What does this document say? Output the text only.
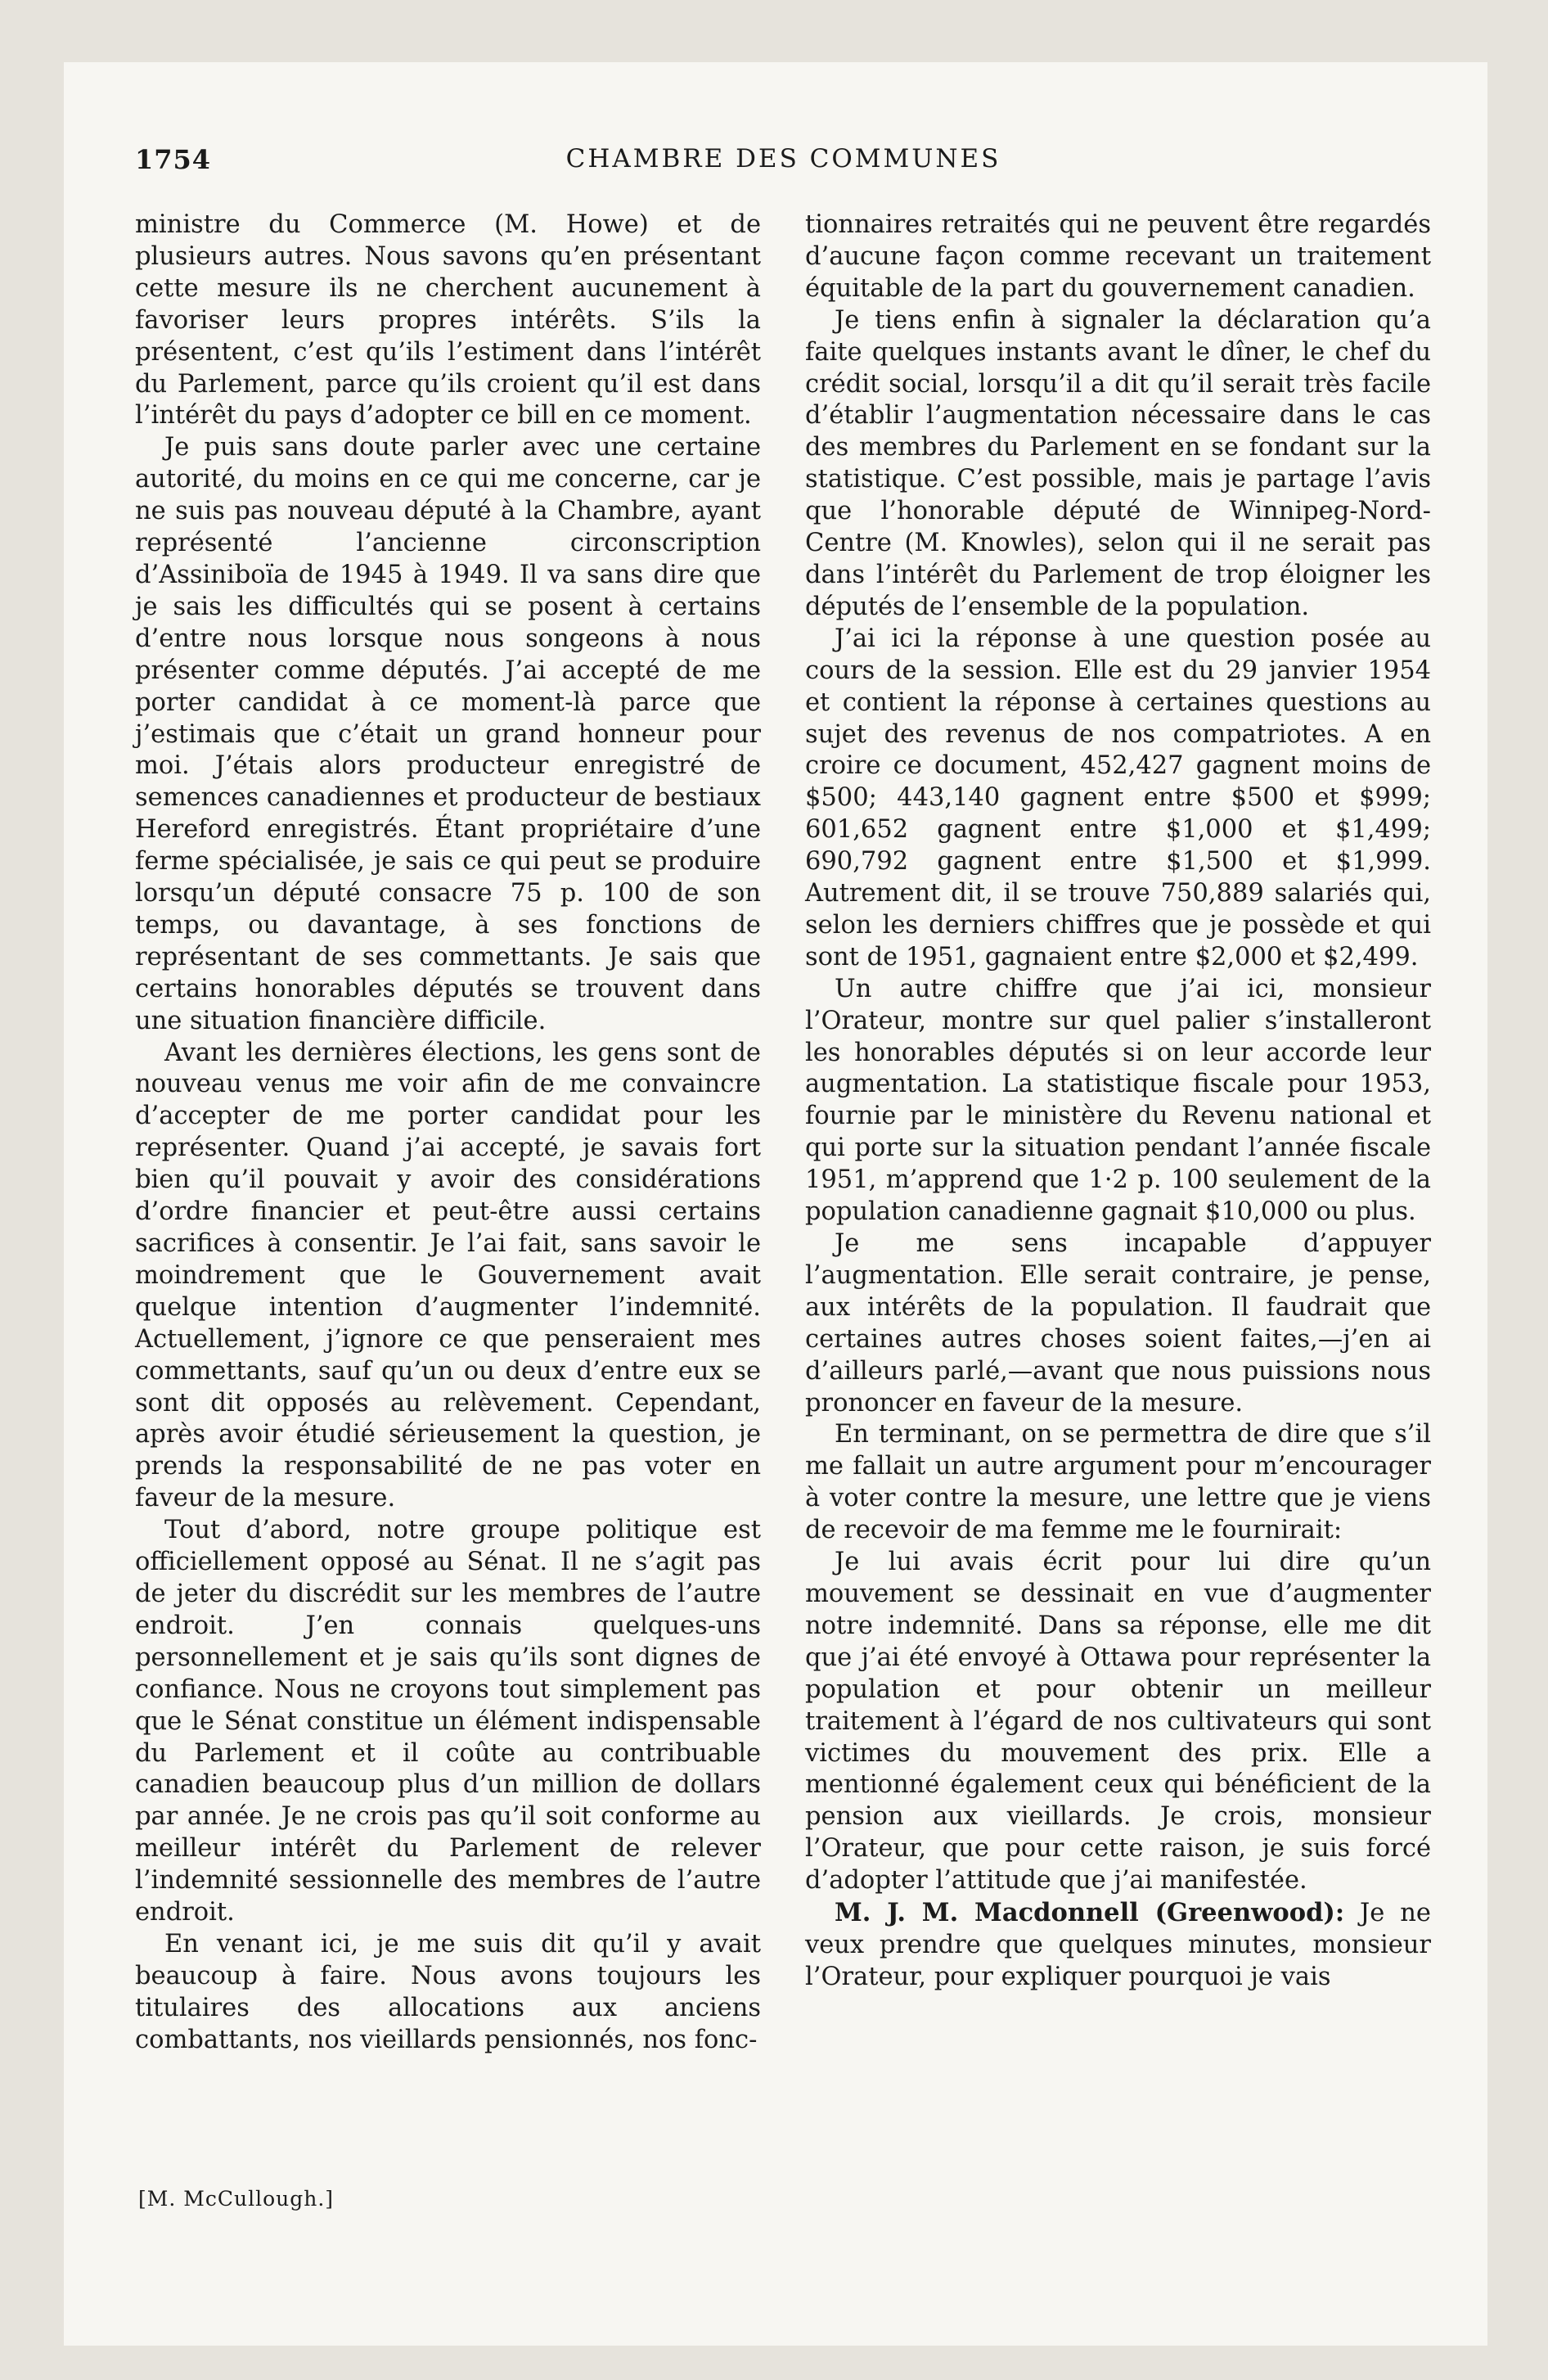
1754	CHAMBRE DES COMMUNES

ministre du Commerce (M. Howe) et de plusieurs autres. Nous savons qu’en présentant cette mesure ils ne cherchent aucunement à favoriser leurs propres intérêts. S’ils la présentent, c’est qu’ils l’estiment dans l’intérêt du Parlement, parce qu’ils croient qu’il est dans l’intérêt du pays d’adopter ce bill en ce moment.

Je puis sans doute parler avec une certaine autorité, du moins en ce qui me concerne, car je ne suis pas nouveau député à la Chambre, ayant représenté l’ancienne circonscription d’Assiniboïa de 1945 à 1949. Il va sans dire que je sais les difficultés qui se posent à certains d’entre nous lorsque nous songeons à nous présenter comme députés. J’ai accepté de me porter candidat à ce moment-là parce que j’estimais que c’était un grand honneur pour moi. J’étais alors producteur enregistré de semences canadiennes et producteur de bestiaux Hereford enregistrés. Étant propriétaire d’une ferme spécialisée, je sais ce qui peut se produire lorsqu’un député consacre 75 p. 100 de son temps, ou davantage, à ses fonctions de représentant de ses commettants. Je sais que certains honorables députés se trouvent dans une situation financière difficile.

Avant les dernières élections, les gens sont de nouveau venus me voir afin de me convaincre d’accepter de me porter candidat pour les représenter. Quand j’ai accepté, je savais fort bien qu’il pouvait y avoir des considérations d’ordre financier et peut-être aussi certains sacrifices à consentir. Je l’ai fait, sans savoir le moindrement que le Gouvernement avait quelque intention d’augmenter l’indemnité. Actuellement, j’ignore ce que penseraient mes commettants, sauf qu’un ou deux d’entre eux se sont dit opposés au relèvement. Cependant, après avoir étudié sérieusement la question, je prends la responsabilité de ne pas voter en faveur de la mesure.

Tout d’abord, notre groupe politique est officiellement opposé au Sénat. Il ne s’agit pas de jeter du discrédit sur les membres de l’autre endroit. J’en connais quelques-uns personnellement et je sais qu’ils sont dignes de confiance. Nous ne croyons tout simplement pas que le Sénat constitue un élément indispensable du Parlement et il coûte au contribuable canadien beaucoup plus d’un million de dollars par année. Je ne crois pas qu’il soit conforme au meilleur intérêt du Parlement de relever l’indemnité sessionnelle des membres de l’autre endroit.

En venant ici, je me suis dit qu’il y avait beaucoup à faire. Nous avons toujours les titulaires des allocations aux anciens combattants, nos vieillards pensionnés, nos fonc-

tionnaires retraités qui ne peuvent être regardés d’aucune façon comme recevant un traitement équitable de la part du gouvernement canadien.

Je tiens enfin à signaler la déclaration qu’a faite quelques instants avant le dîner, le chef du crédit social, lorsqu’il a dit qu’il serait très facile d’établir l’augmentation nécessaire dans le cas des membres du Parlement en se fondant sur la statistique. C’est possible, mais je partage l’avis que l’honorable député de Winnipeg-Nord-Centre (M. Knowles), selon qui il ne serait pas dans l’intérêt du Parlement de trop éloigner les députés de l’ensemble de la population.

J’ai ici la réponse à une question posée au cours de la session. Elle est du 29 janvier 1954 et contient la réponse à certaines questions au sujet des revenus de nos compatriotes. A en croire ce document, 452,427 gagnent moins de $500; 443,140 gagnent entre $500 et $999; 601,652 gagnent entre $1,000 et $1,499; 690,792 gagnent entre $1,500 et $1,999. Autrement dit, il se trouve 750,889 salariés qui, selon les derniers chiffres que je possède et qui sont de 1951, gagnaient entre $2,000 et $2,499.

Un autre chiffre que j’ai ici, monsieur l’Orateur, montre sur quel palier s’installeront les honorables députés si on leur accorde leur augmentation. La statistique fiscale pour 1953, fournie par le ministère du Revenu national et qui porte sur la situation pendant l’année fiscale 1951, m’apprend que 1·2 p. 100 seulement de la population canadienne gagnait $10,000 ou plus.

Je me sens incapable d’appuyer l’augmentation. Elle serait contraire, je pense, aux intérêts de la population. Il faudrait que certaines autres choses soient faites,—j’en ai d’ailleurs parlé,—avant que nous puissions nous prononcer en faveur de la mesure.

En terminant, on se permettra de dire que s’il me fallait un autre argument pour m’encourager à voter contre la mesure, une lettre que je viens de recevoir de ma femme me le fournirait:

Je lui avais écrit pour lui dire qu’un mouvement se dessinait en vue d’augmenter notre indemnité. Dans sa réponse, elle me dit que j’ai été envoyé à Ottawa pour représenter la population et pour obtenir un meilleur traitement à l’égard de nos cultivateurs qui sont victimes du mouvement des prix. Elle a mentionné également ceux qui bénéficient de la pension aux vieillards. Je crois, monsieur l’Orateur, que pour cette raison, je suis forcé d’adopter l’attitude que j’ai manifestée.

M. J. M. Macdonnell (Greenwood): Je ne veux prendre que quelques minutes, monsieur l’Orateur, pour expliquer pourquoi je vais

[M. McCullough.]
